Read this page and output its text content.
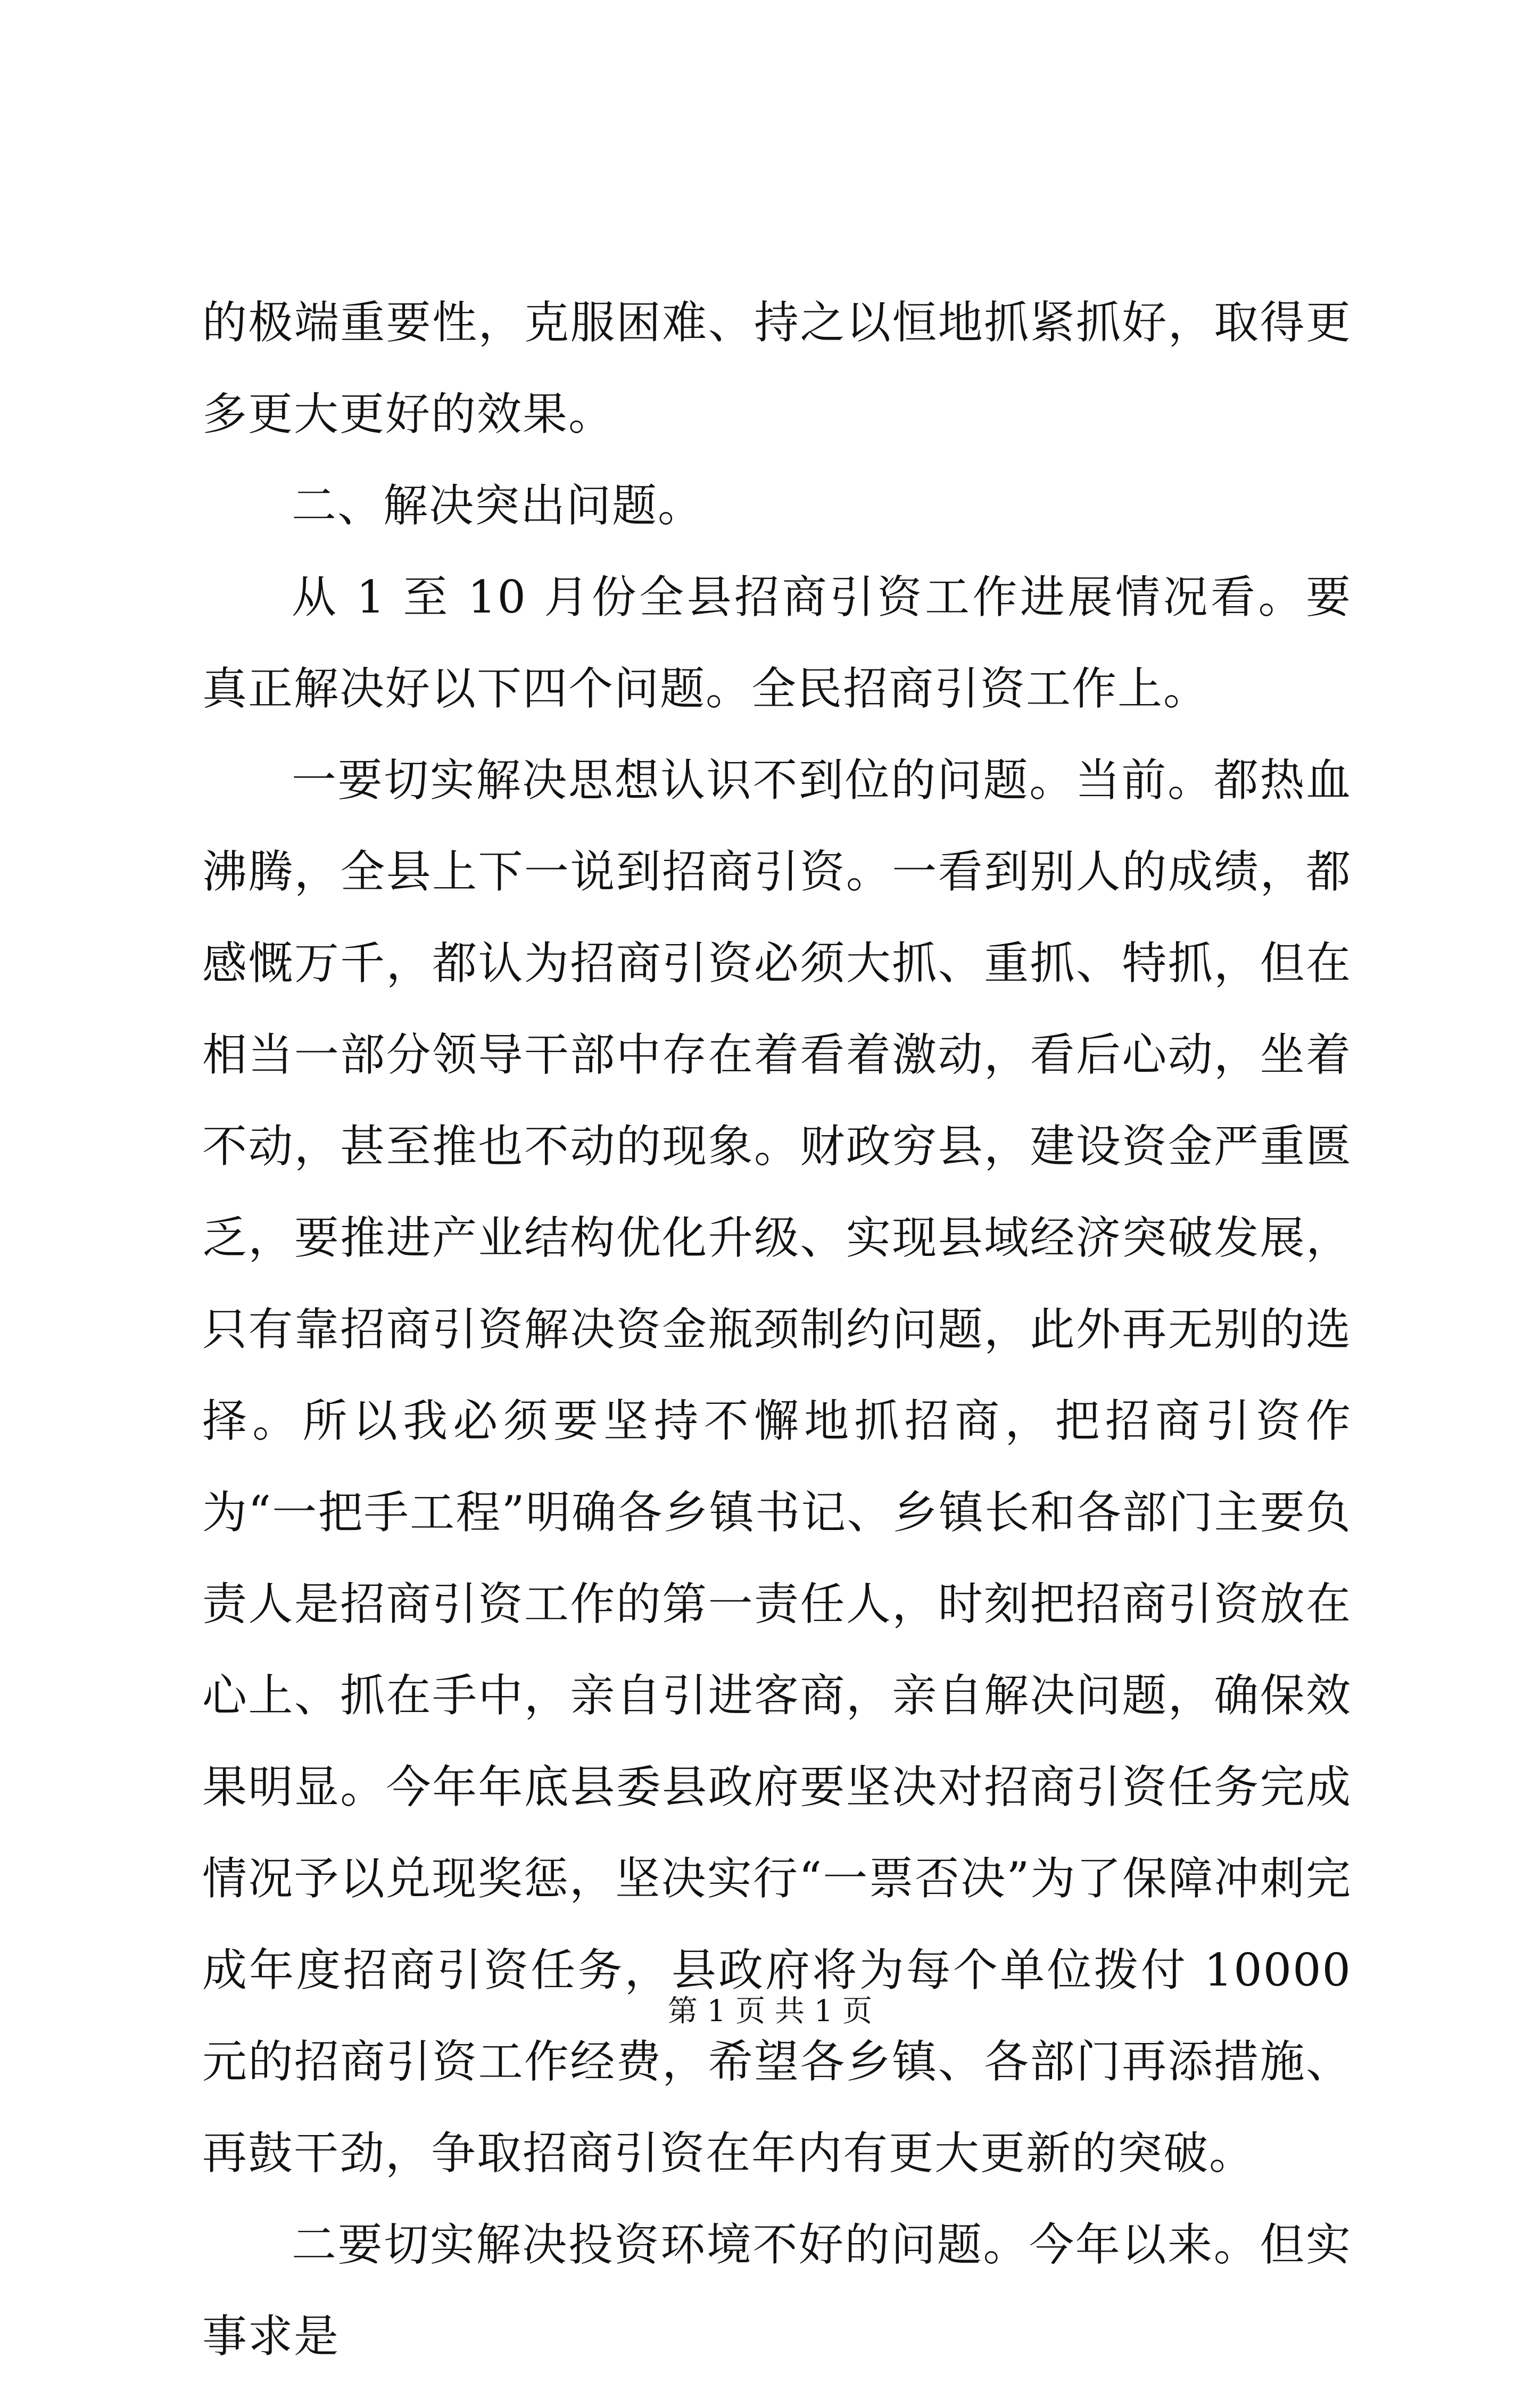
的极端重要性，克服困难、持之以恒地抓紧抓好，取得更多更大更好的效果。

二、解决突出问题。

从 1 至 10 月份全县招商引资工作进展情况看。要真正解决好以下四个问题。全民招商引资工作上。

一要切实解决思想认识不到位的问题。当前。都热血沸腾，全县上下一说到招商引资。一看到别人的成绩，都感慨万千，都认为招商引资必须大抓、重抓、特抓，但在相当一部分领导干部中存在着看着激动，看后心动，坐着不动，甚至推也不动的现象。财政穷县，建设资金严重匮乏，要推进产业结构优化升级、实现县域经济突破发展，只有靠招商引资解决资金瓶颈制约问题，此外再无别的选择。所以我必须要坚持不懈地抓招商，把招商引资作为“一把手工程”明确各乡镇书记、乡镇长和各部门主要负责人是招商引资工作的第一责任人，时刻把招商引资放在心上、抓在手中，亲自引进客商，亲自解决问题，确保效果明显。今年年底县委县政府要坚决对招商引资任务完成情况予以兑现奖惩，坚决实行“一票否决”为了保障冲刺完成年度招商引资任务，县政府将为每个单位拨付 10000 元的招商引资工作经费，希望各乡镇、各部门再添措施、再鼓干劲，争取招商引资在年内有更大更新的突破。

二要切实解决投资环境不好的问题。今年以来。但实事求是

第 1 页 共 1 页
